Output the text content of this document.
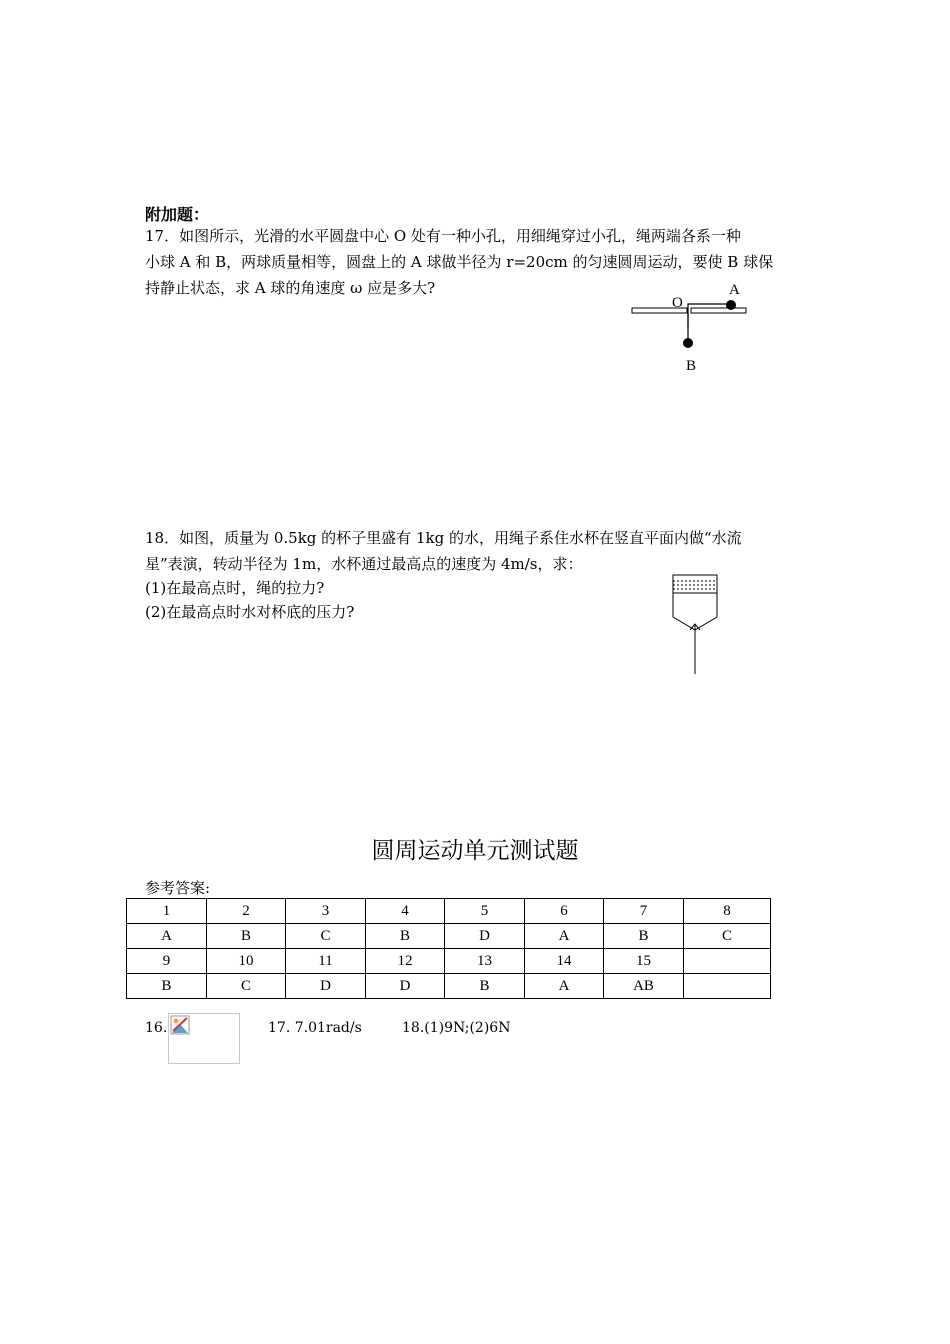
附加题：
17．如图所示，光滑的水平圆盘中心 O 处有一种小孔，用细绳穿过小孔，绳两端各系一种
小球 A 和 B，两球质量相等，圆盘上的 A 球做半径为 r=20cm 的匀速圆周运动，要使 B 球保
持静止状态，求 A 球的角速度 ω 应是多大?
O
A
B
18．如图，质量为 0.5kg 的杯子里盛有 1kg 的水，用绳子系住水杯在竖直平面内做“水流
星”表演，转动半径为 1m，水杯通过最高点的速度为 4m/s，求：
(1)在最高点时，绳的拉力?
(2)在最高点时水对杯底的压力?
圆周运动单元测试题
参考答案:
1	2	3	4	5	6	7	8
A	B	C	B	D	A	B	C
9	10	11	12	13	14	15	
B	C	D	D	B	A	AB	
16.	17. 7.01rad/s	18.(1)9N;(2)6N
